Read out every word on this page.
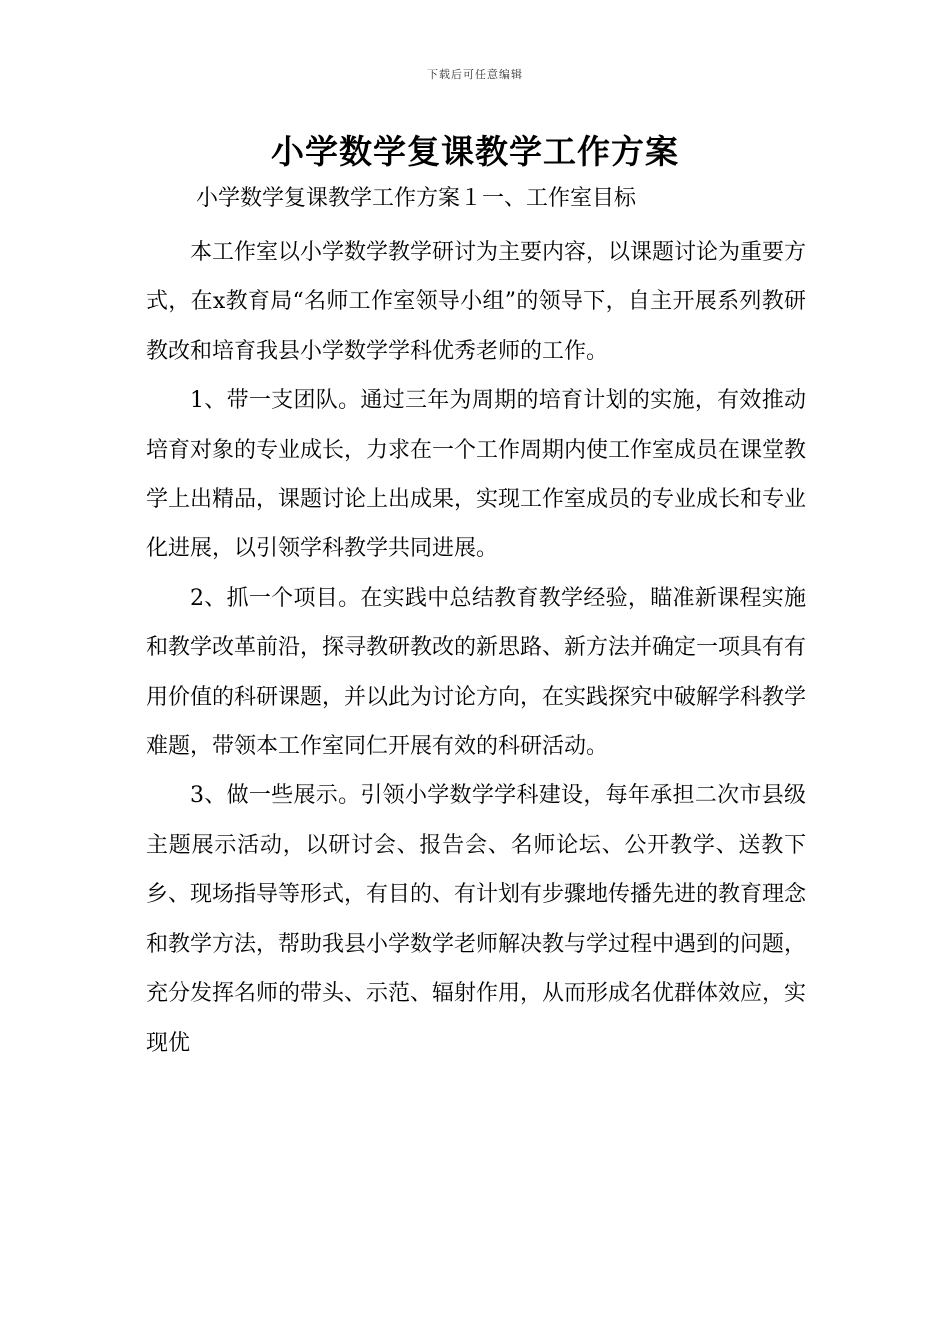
下载后可任意编辑
小学数学复课教学工作方案
小学数学复课教学工作方案１一、工作室目标

本工作室以小学数学教学研讨为主要内容，以课题讨论为重要方式，在x教育局“名师工作室领导小组”的领导下，自主开展系列教研教改和培育我县小学数学学科优秀老师的工作。

1、带一支团队。通过三年为周期的培育计划的实施，有效推动培育对象的专业成长，力求在一个工作周期内使工作室成员在课堂教学上出精品，课题讨论上出成果，实现工作室成员的专业成长和专业化进展，以引领学科教学共同进展。

2、抓一个项目。在实践中总结教育教学经验，瞄准新课程实施和教学改革前沿，探寻教研教改的新思路、新方法并确定一项具有有用价值的科研课题，并以此为讨论方向，在实践探究中破解学科教学难题，带领本工作室同仁开展有效的科研活动。

3、做一些展示。引领小学数学学科建设，每年承担二次市县级主题展示活动，以研讨会、报告会、名师论坛、公开教学、送教下乡、现场指导等形式，有目的、有计划有步骤地传播先进的教育理念和教学方法，帮助我县小学数学老师解决教与学过程中遇到的问题，充分发挥名师的带头、示范、辐射作用，从而形成名优群体效应，实现优
